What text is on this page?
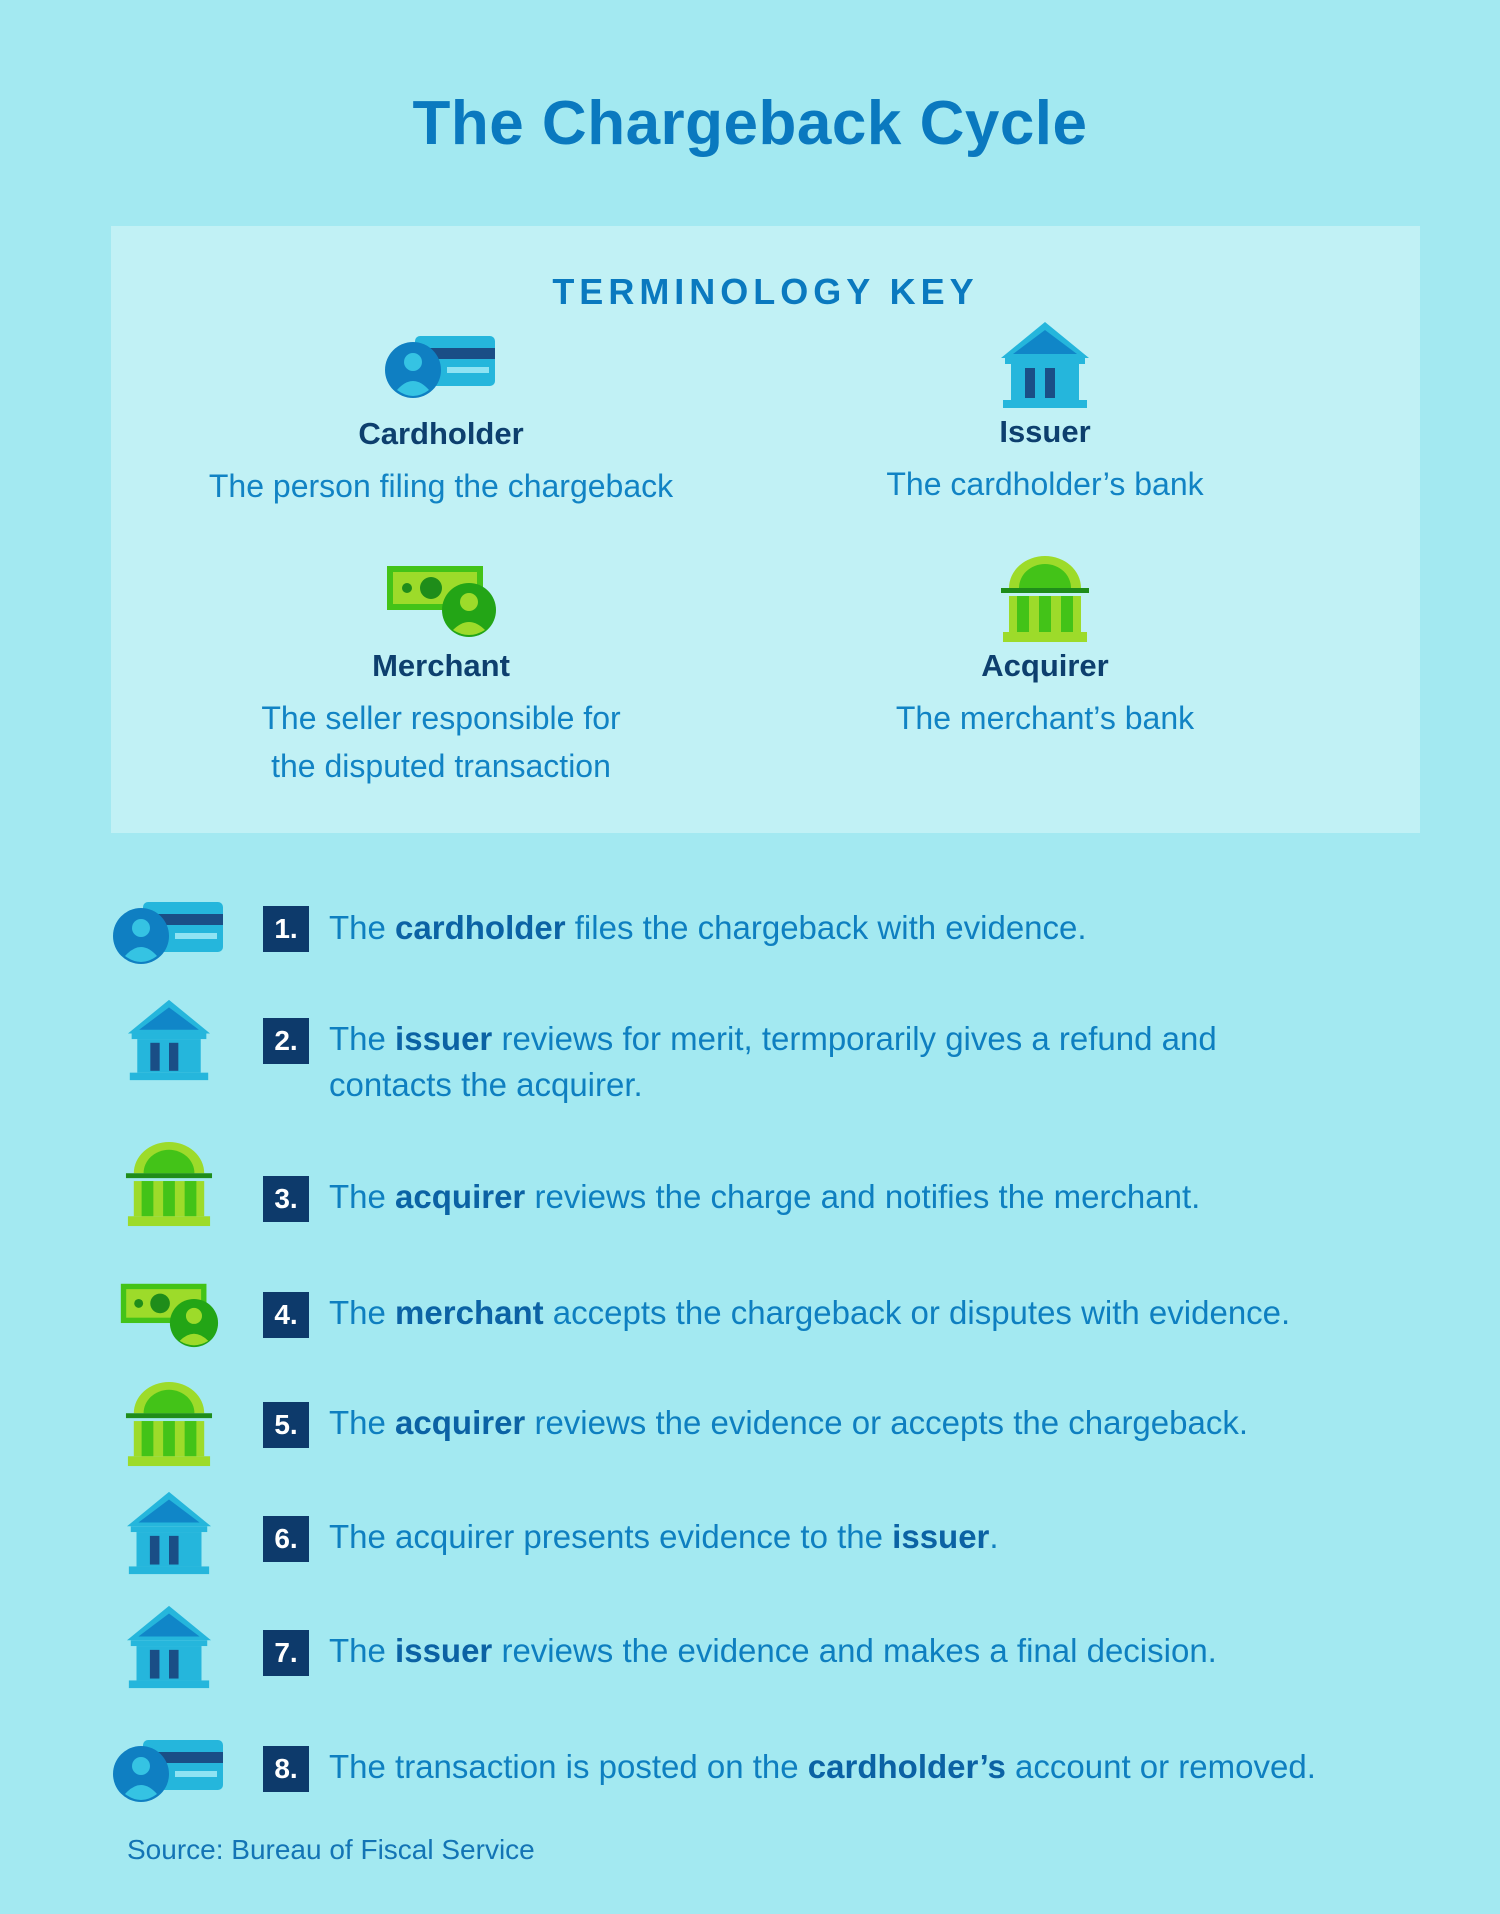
The Chargeback Cycle
TERMINOLOGY KEY
Cardholder
The person filing the chargeback
Issuer
The cardholder’s bank
Merchant
The seller responsible for the disputed transaction
Acquirer
The merchant’s bank
1. The cardholder files the chargeback with evidence.
2. The issuer reviews for merit, termporarily gives a refund and contacts the acquirer.
3. The acquirer reviews the charge and notifies the merchant.
4. The merchant accepts the chargeback or disputes with evidence.
5. The acquirer reviews the evidence or accepts the chargeback.
6. The acquirer presents evidence to the issuer.
7. The issuer reviews the evidence and makes a final decision.
8. The transaction is posted on the cardholder’s account or removed.
Source: Bureau of Fiscal Service
